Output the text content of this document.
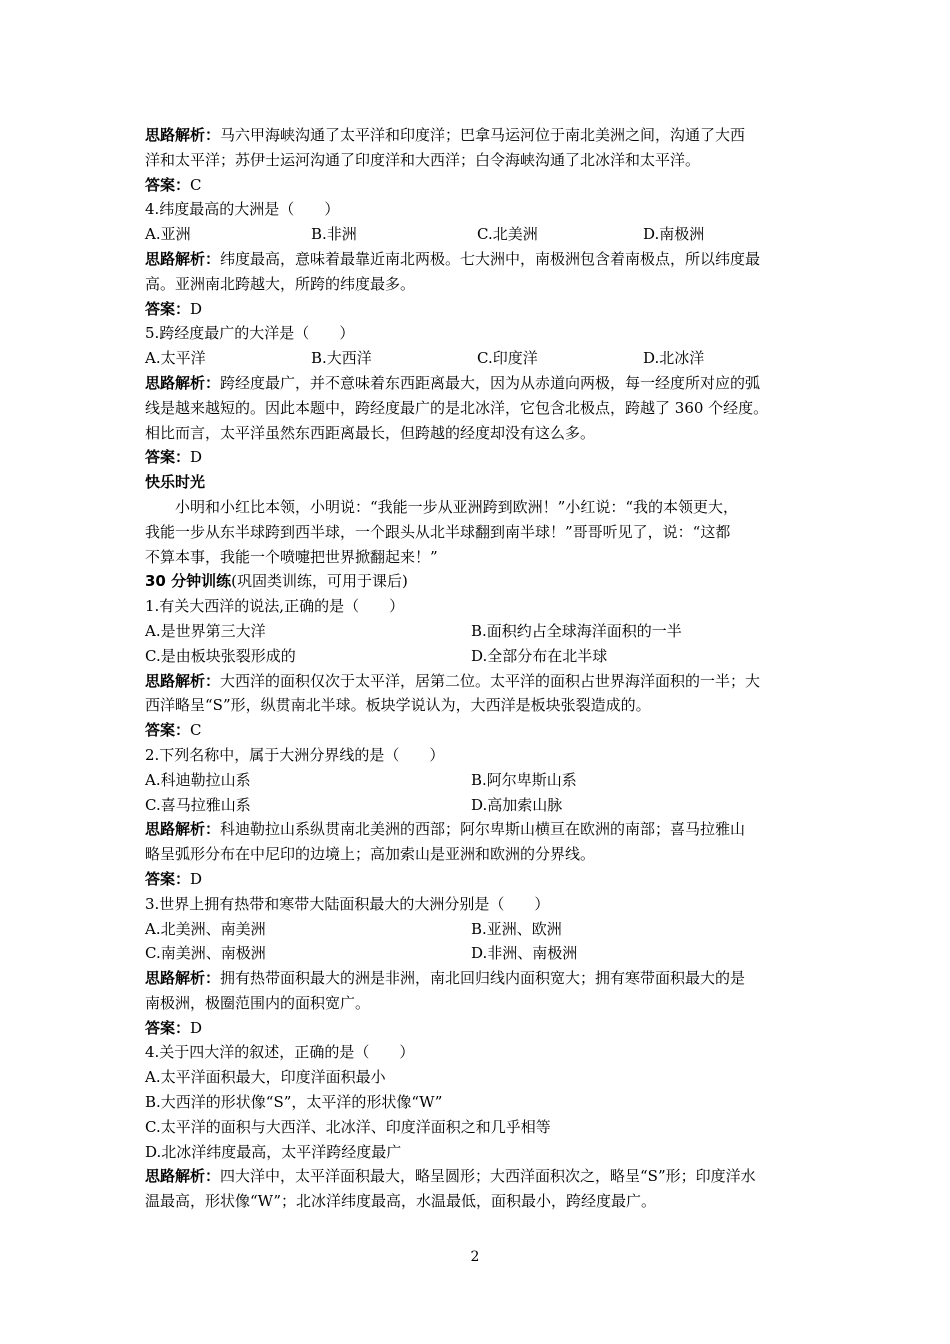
思路解析：马六甲海峡沟通了太平洋和印度洋；巴拿马运河位于南北美洲之间，沟通了大西
洋和太平洋；苏伊士运河沟通了印度洋和大西洋；白令海峡沟通了北冰洋和太平洋。
答案：C
4.纬度最高的大洲是（　　）
A.亚洲	B.非洲	C.北美洲	D.南极洲
思路解析：纬度最高，意味着最靠近南北两极。七大洲中，南极洲包含着南极点，所以纬度最
高。亚洲南北跨越大，所跨的纬度最多。
答案：D
5.跨经度最广的大洋是（　　）
A.太平洋	B.大西洋	C.印度洋	D.北冰洋
思路解析：跨经度最广，并不意味着东西距离最大，因为从赤道向两极，每一经度所对应的弧
线是越来越短的。因此本题中，跨经度最广的是北冰洋，它包含北极点，跨越了 360 个经度。
相比而言，太平洋虽然东西距离最长，但跨越的经度却没有这么多。
答案：D
快乐时光
小明和小红比本领，小明说：“我能一步从亚洲跨到欧洲！”小红说：“我的本领更大，
我能一步从东半球跨到西半球，一个跟头从北半球翻到南半球！”哥哥听见了，说：“这都
不算本事，我能一个喷嚏把世界掀翻起来！”
30 分钟训练(巩固类训练，可用于课后)
1.有关大西洋的说法,正确的是（　　）
A.是世界第三大洋	B.面积约占全球海洋面积的一半
C.是由板块张裂形成的	D.全部分布在北半球
思路解析：大西洋的面积仅次于太平洋，居第二位。太平洋的面积占世界海洋面积的一半；大
西洋略呈“S”形，纵贯南北半球。板块学说认为，大西洋是板块张裂造成的。
答案：C
2.下列名称中，属于大洲分界线的是（　　）
A.科迪勒拉山系	B.阿尔卑斯山系
C.喜马拉雅山系	D.高加索山脉
思路解析：科迪勒拉山系纵贯南北美洲的西部；阿尔卑斯山横亘在欧洲的南部；喜马拉雅山
略呈弧形分布在中尼印的边境上；高加索山是亚洲和欧洲的分界线。
答案：D
3.世界上拥有热带和寒带大陆面积最大的大洲分别是（　　）
A.北美洲、南美洲	B.亚洲、欧洲
C.南美洲、南极洲	D.非洲、南极洲
思路解析：拥有热带面积最大的洲是非洲，南北回归线内面积宽大；拥有寒带面积最大的是
南极洲，极圈范围内的面积宽广。
答案：D
4.关于四大洋的叙述，正确的是（　　）
A.太平洋面积最大，印度洋面积最小
B.大西洋的形状像“S”，太平洋的形状像“W”
C.太平洋的面积与大西洋、北冰洋、印度洋面积之和几乎相等
D.北冰洋纬度最高，太平洋跨经度最广
思路解析：四大洋中，太平洋面积最大，略呈圆形；大西洋面积次之，略呈“S”形；印度洋水
温最高，形状像“W”；北冰洋纬度最高，水温最低，面积最小，跨经度最广。
2
